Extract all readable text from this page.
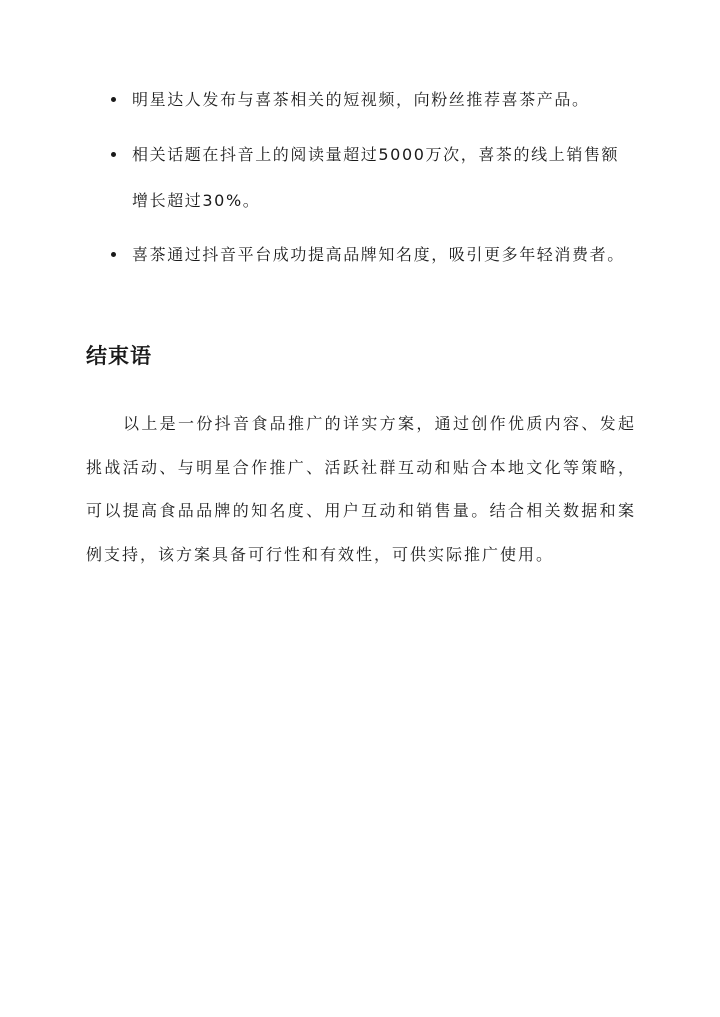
明星达人发布与喜茶相关的短视频，向粉丝推荐喜茶产品。
相关话题在抖音上的阅读量超过5000万次，喜茶的线上销售额增长超过30%。
喜茶通过抖音平台成功提高品牌知名度，吸引更多年轻消费者。
结束语

以上是一份抖音食品推广的详实方案，通过创作优质内容、发起挑战活动、与明星合作推广、活跃社群互动和贴合本地文化等策略，可以提高食品品牌的知名度、用户互动和销售量。结合相关数据和案例支持，该方案具备可行性和有效性，可供实际推广使用。
